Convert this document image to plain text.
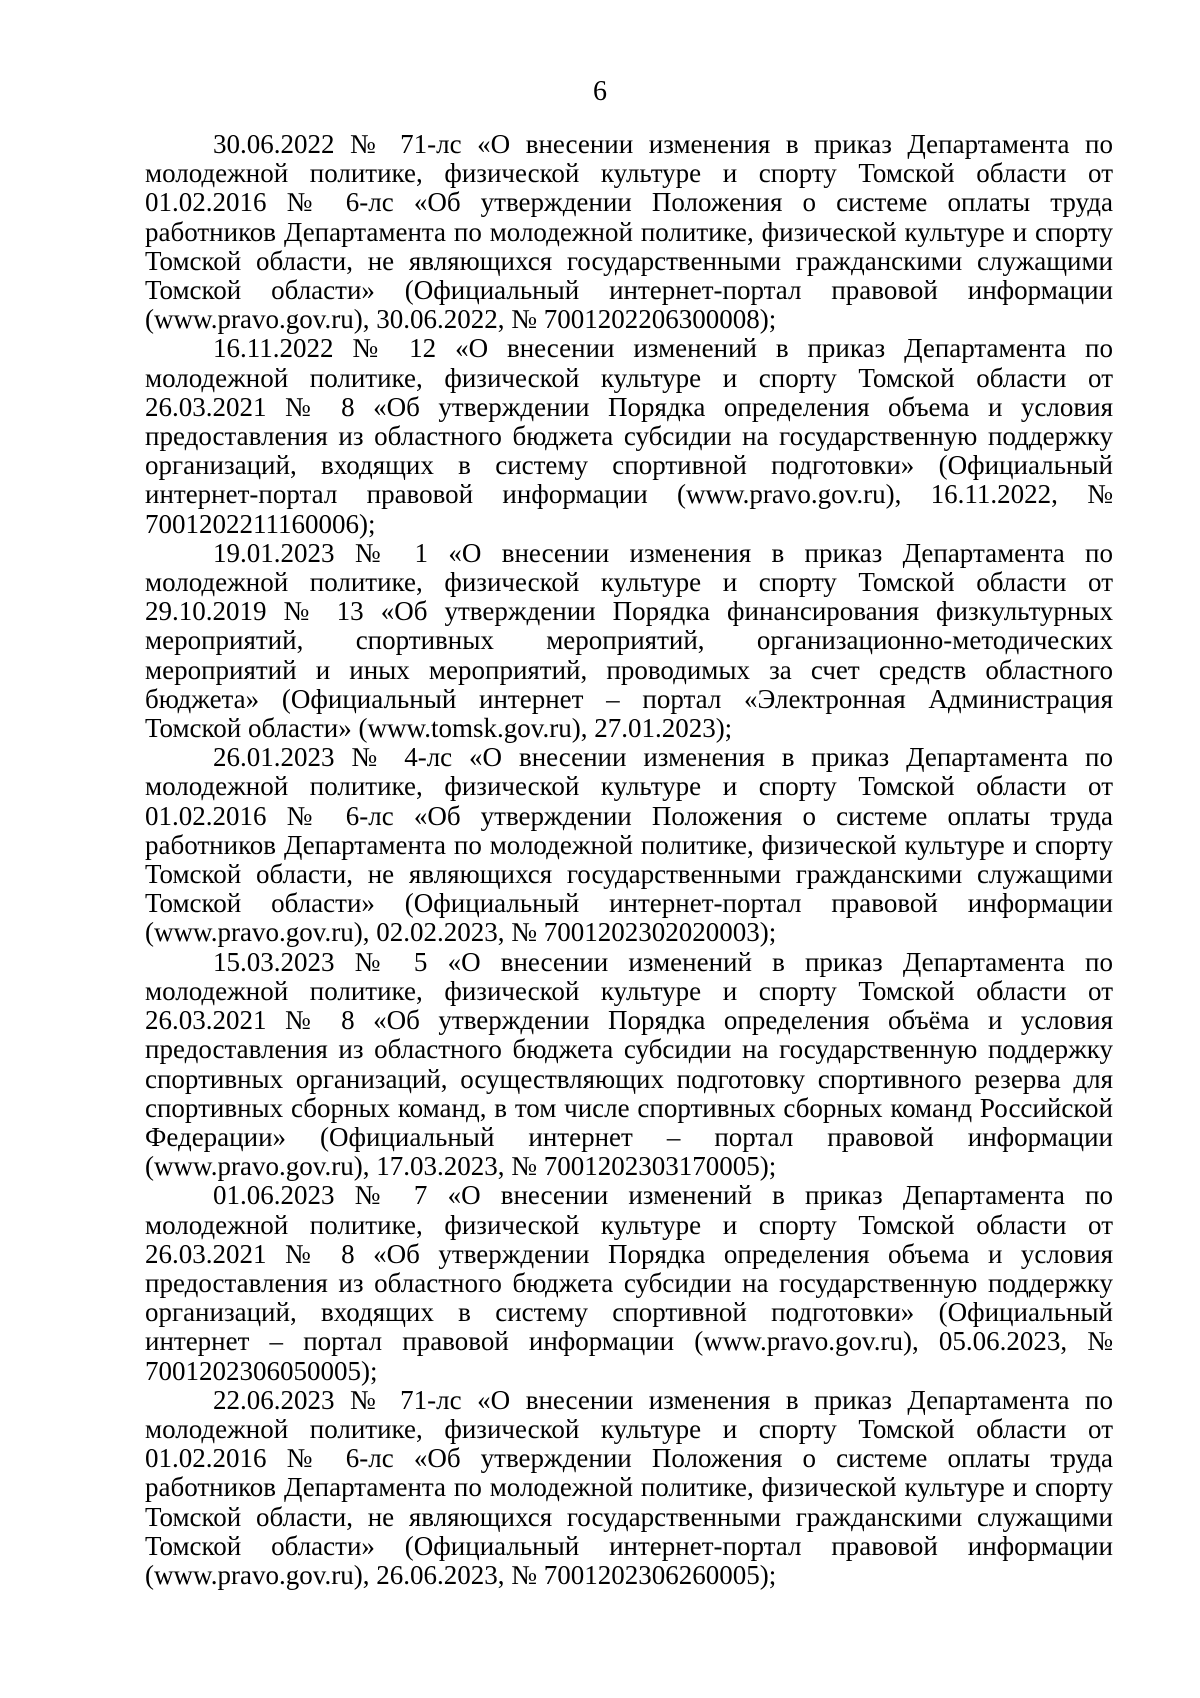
6

30.06.2022 № 71-лс «О внесении изменения в приказ Департамента по молодежной политике, физической культуре и спорту Томской области от 01.02.2016 № 6-лс «Об утверждении Положения о системе оплаты труда работников Департамента по молодежной политике, физической культуре и спорту Томской области, не являющихся государственными гражданскими служащими Томской области» (Официальный интернет-портал правовой информации (www.pravo.gov.ru), 30.06.2022, № 7001202206300008);

16.11.2022 № 12 «О внесении изменений в приказ Департамента по молодежной политике, физической культуре и спорту Томской области от 26.03.2021 № 8 «Об утверждении Порядка определения объема и условия предоставления из областного бюджета субсидии на государственную поддержку организаций, входящих в систему спортивной подготовки» (Официальный интернет-портал правовой информации (www.pravo.gov.ru), 16.11.2022, № 7001202211160006);

19.01.2023 № 1 «О внесении изменения в приказ Департамента по молодежной политике, физической культуре и спорту Томской области от 29.10.2019 № 13 «Об утверждении Порядка финансирования физкультурных мероприятий, спортивных мероприятий, организационно-методических мероприятий и иных мероприятий, проводимых за счет средств областного бюджета» (Официальный интернет – портал «Электронная Администрация Томской области» (www.tomsk.gov.ru), 27.01.2023);

26.01.2023 № 4-лс «О внесении изменения в приказ Департамента по молодежной политике, физической культуре и спорту Томской области от 01.02.2016 № 6-лс «Об утверждении Положения о системе оплаты труда работников Департамента по молодежной политике, физической культуре и спорту Томской области, не являющихся государственными гражданскими служащими Томской области» (Официальный интернет-портал правовой информации (www.pravo.gov.ru), 02.02.2023, № 7001202302020003);

15.03.2023 № 5 «О внесении изменений в приказ Департамента по молодежной политике, физической культуре и спорту Томской области от 26.03.2021 № 8 «Об утверждении Порядка определения объёма и условия предоставления из областного бюджета субсидии на государственную поддержку спортивных организаций, осуществляющих подготовку спортивного резерва для спортивных сборных команд, в том числе спортивных сборных команд Российской Федерации» (Официальный интернет – портал правовой информации (www.pravo.gov.ru), 17.03.2023, № 7001202303170005);

01.06.2023 № 7 «О внесении изменений в приказ Департамента по молодежной политике, физической культуре и спорту Томской области от 26.03.2021 № 8 «Об утверждении Порядка определения объема и условия предоставления из областного бюджета субсидии на государственную поддержку организаций, входящих в систему спортивной подготовки» (Официальный интернет – портал правовой информации (www.pravo.gov.ru), 05.06.2023, № 7001202306050005);

22.06.2023 № 71-лс «О внесении изменения в приказ Департамента по молодежной политике, физической культуре и спорту Томской области от 01.02.2016 № 6-лс «Об утверждении Положения о системе оплаты труда работников Департамента по молодежной политике, физической культуре и спорту Томской области, не являющихся государственными гражданскими служащими Томской области» (Официальный интернет-портал правовой информации (www.pravo.gov.ru), 26.06.2023, № 7001202306260005);
